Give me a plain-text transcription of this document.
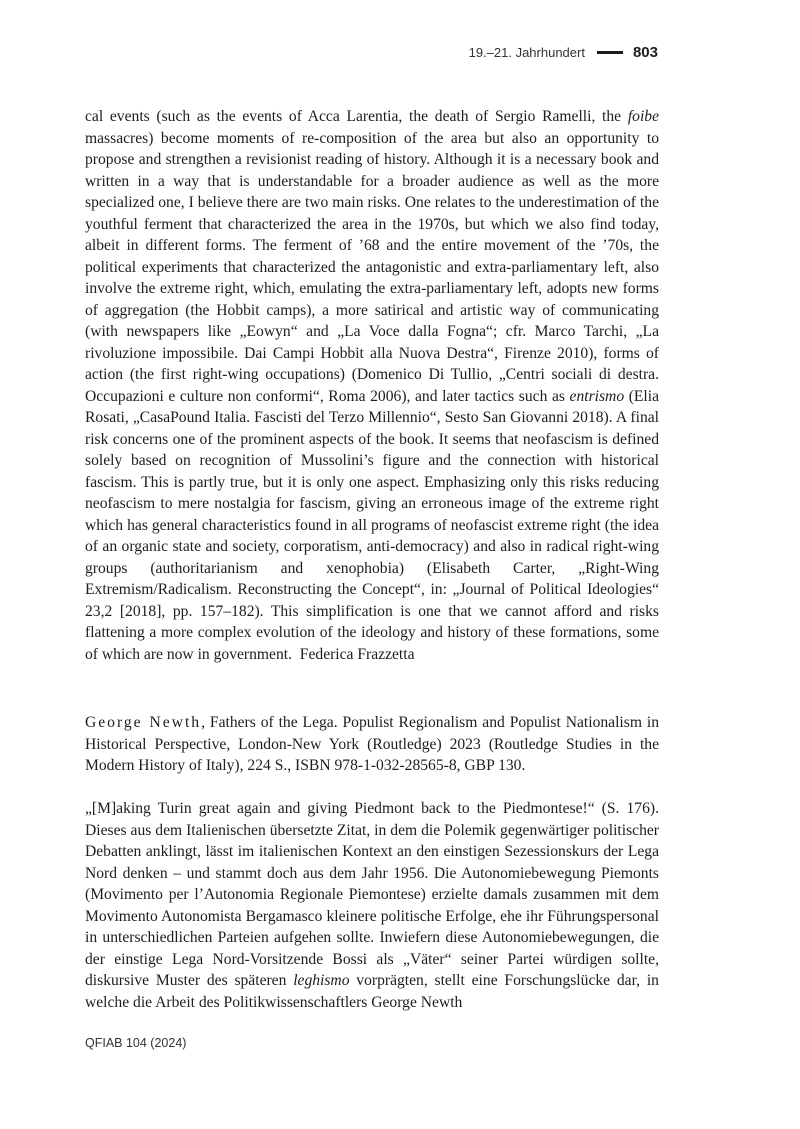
19.–21. Jahrhundert	803

cal events (such as the events of Acca Larentia, the death of Sergio Ramelli, the foibe massacres) become moments of re-composition of the area but also an opportunity to propose and strengthen a revisionist reading of history. Although it is a necessary book and written in a way that is understandable for a broader audience as well as the more specialized one, I believe there are two main risks. One relates to the underestimation of the youthful ferment that characterized the area in the 1970s, but which we also find today, albeit in different forms. The ferment of ’68 and the entire movement of the ’70s, the political experiments that characterized the antagonistic and extra-parliamentary left, also involve the extreme right, which, emulating the extra-parliamentary left, adopts new forms of aggregation (the Hobbit camps), a more satirical and artistic way of communicating (with newspapers like „Eowyn“ and „La Voce dalla Fogna“; cfr. Marco Tarchi, „La rivoluzione impossibile. Dai Campi Hobbit alla Nuova Destra“, Firenze 2010), forms of action (the first right-wing occupations) (Domenico Di Tullio, „Centri sociali di destra. Occupazioni e culture non conformi“, Roma 2006), and later tactics such as entrismo (Elia Rosati, „CasaPound Italia. Fascisti del Terzo Millennio“, Sesto San Giovanni 2018). A final risk concerns one of the prominent aspects of the book. It seems that neofascism is defined solely based on recognition of Mussolini’s figure and the connection with historical fascism. This is partly true, but it is only one aspect. Emphasizing only this risks reducing neofascism to mere nostalgia for fascism, giving an erroneous image of the extreme right which has general characteristics found in all programs of neofascist extreme right (the idea of an organic state and society, corporatism, anti-democracy) and also in radical right-wing groups (authoritarianism and xenophobia) (Elisabeth Carter, „Right-Wing Extremism/Radicalism. Reconstructing the Concept“, in: „Journal of Political Ideologies“ 23,2 [2018], pp. 157–182). This simplification is one that we cannot afford and risks flattening a more complex evolution of the ideology and history of these formations, some of which are now in government. Federica Frazzetta

George Newth, Fathers of the Lega. Populist Regionalism and Populist Nationalism in Historical Perspective, London-New York (Routledge) 2023 (Routledge Studies in the Modern History of Italy), 224 S., ISBN 978-1-032-28565-8, GBP 130.

„[M]aking Turin great again and giving Piedmont back to the Piedmontese!“ (S. 176). Dieses aus dem Italienischen übersetzte Zitat, in dem die Polemik gegenwärtiger politischer Debatten anklingt, lässt im italienischen Kontext an den einstigen Sezessionskurs der Lega Nord denken – und stammt doch aus dem Jahr 1956. Die Autonomiebewegung Piemonts (Movimento per l’Autonomia Regionale Piemontese) erzielte damals zusammen mit dem Movimento Autonomista Bergamasco kleinere politische Erfolge, ehe ihr Führungspersonal in unterschiedlichen Parteien aufgehen sollte. Inwiefern diese Autonomiebewegungen, die der einstige Lega Nord-Vorsitzende Bossi als „Väter“ seiner Partei würdigen sollte, diskursive Muster des späteren leghismo vorprägten, stellt eine Forschungslücke dar, in welche die Arbeit des Politikwissenschaftlers George Newth

QFIAB 104 (2024)
